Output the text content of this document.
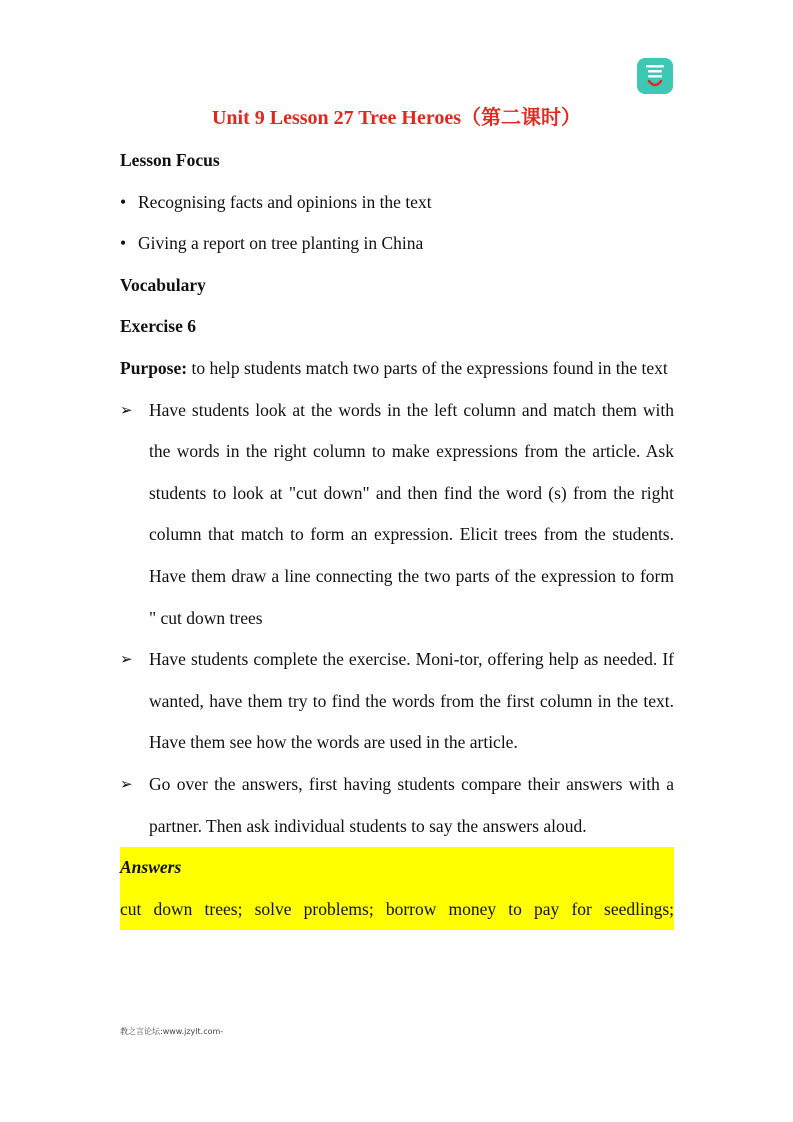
Unit 9 Lesson 27 Tree Heroes（第二课时）

Lesson Focus

• Recognising facts and opinions in the text
• Giving a report on tree planting in China

Vocabulary

Exercise 6

Purpose: to help students match two parts of the expressions found in the text

➢ Have students look at the words in the left column and match them with the words in the right column to make expressions from the article. Ask students to look at "cut down" and then find the word (s) from the right column that match to form an expression. Elicit trees from the students. Have them draw a line connecting the two parts of the expression to form " cut down trees
➢ Have students complete the exercise. Moni-tor, offering help as needed. If wanted, have them try to find the words from the first column in the text. Have them see how the words are used in the article.
➢ Go over the answers, first having students compare their answers with a partner. Then ask individual students to say the answers aloud.

Answers

cut down trees; solve problems; borrow money to pay for seedlings;

教之言论坛:www.jzylt.com-
